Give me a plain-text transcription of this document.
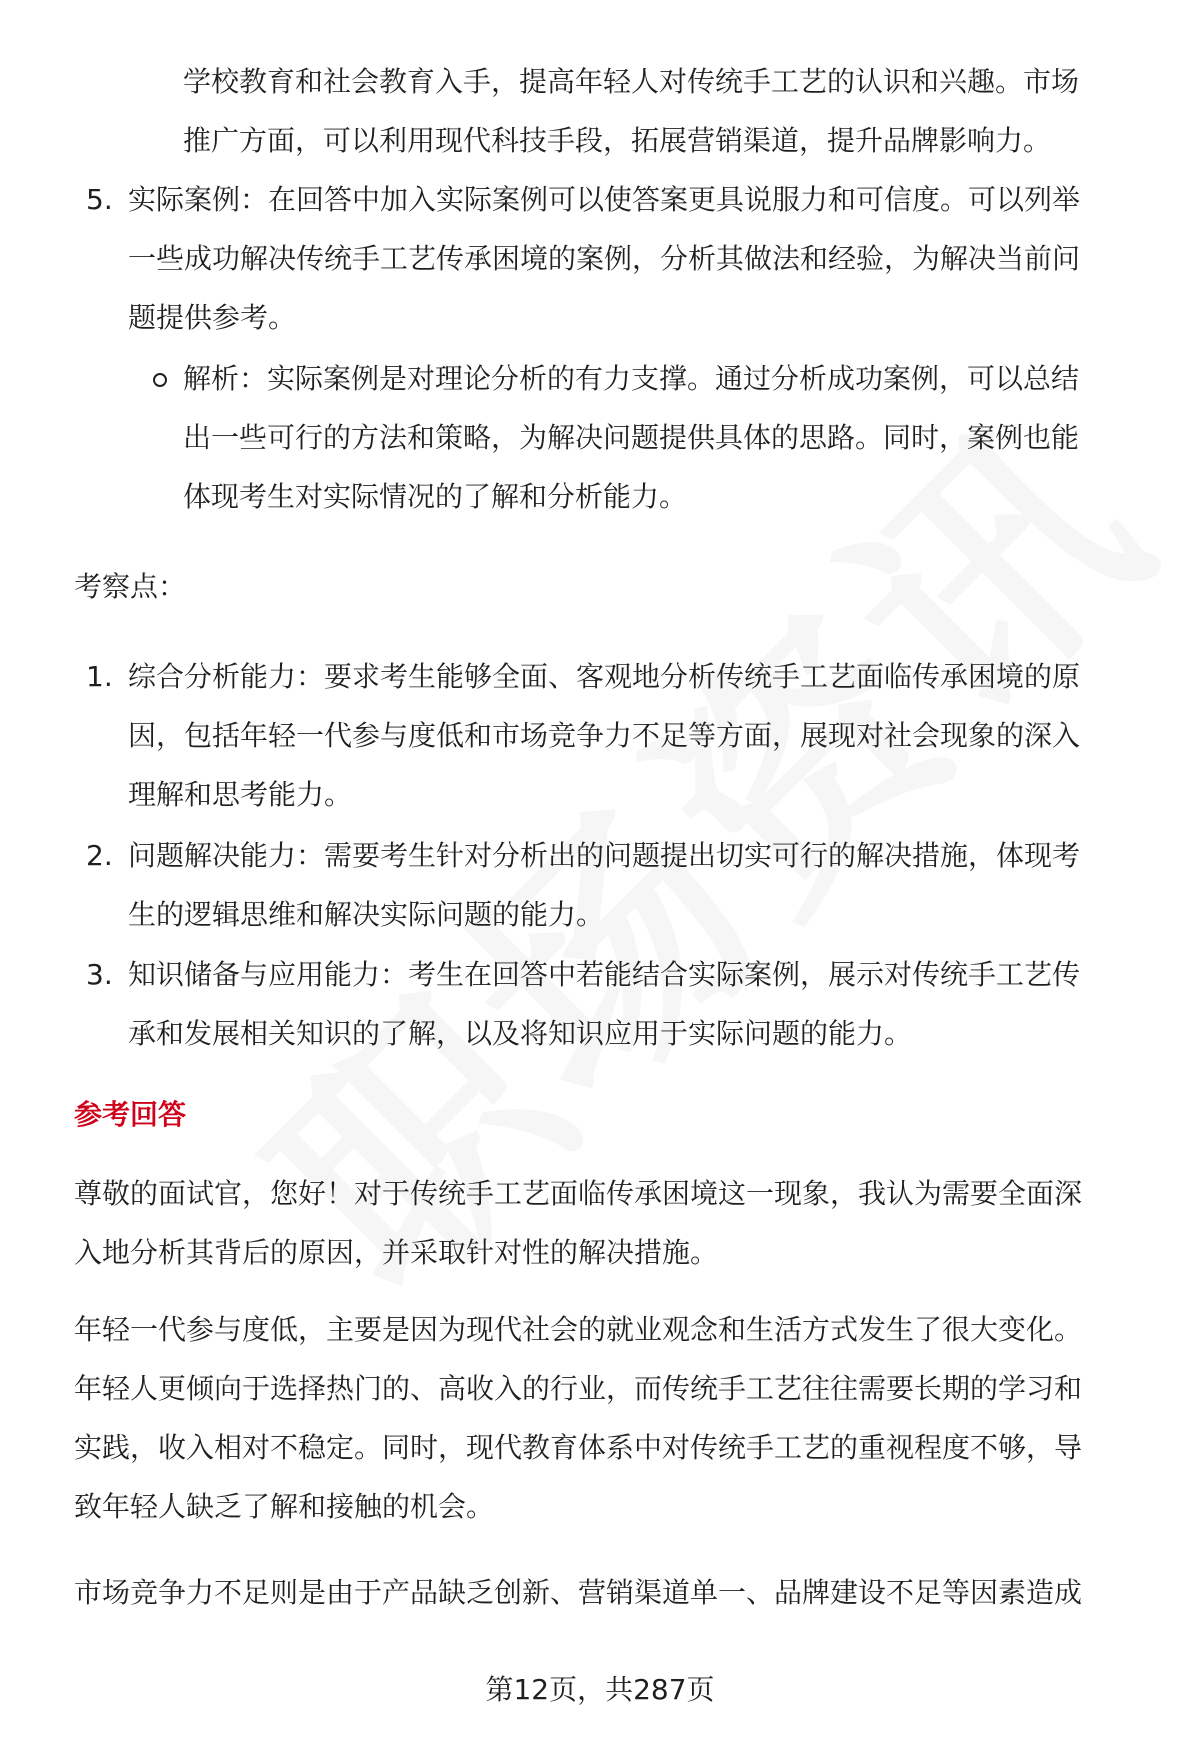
学校教育和社会教育入手，提高年轻人对传统手工艺的认识和兴趣。市场
推广方面，可以利用现代科技手段，拓展营销渠道，提升品牌影响力。
5. 实际案例：在回答中加入实际案例可以使答案更具说服力和可信度。可以列举
一些成功解决传统手工艺传承困境的案例，分析其做法和经验，为解决当前问
题提供参考。
解析：实际案例是对理论分析的有力支撑。通过分析成功案例，可以总结
出一些可行的方法和策略，为解决问题提供具体的思路。同时，案例也能
体现考生对实际情况的了解和分析能力。
考察点：
1. 综合分析能力：要求考生能够全面、客观地分析传统手工艺面临传承困境的原
因，包括年轻一代参与度低和市场竞争力不足等方面，展现对社会现象的深入
理解和思考能力。
2. 问题解决能力：需要考生针对分析出的问题提出切实可行的解决措施，体现考
生的逻辑思维和解决实际问题的能力。
3. 知识储备与应用能力：考生在回答中若能结合实际案例，展示对传统手工艺传
承和发展相关知识的了解，以及将知识应用于实际问题的能力。
参考回答
尊敬的面试官，您好！对于传统手工艺面临传承困境这一现象，我认为需要全面深
入地分析其背后的原因，并采取针对性的解决措施。
年轻一代参与度低，主要是因为现代社会的就业观念和生活方式发生了很大变化。
年轻人更倾向于选择热门的、高收入的行业，而传统手工艺往往需要长期的学习和
实践，收入相对不稳定。同时，现代教育体系中对传统手工艺的重视程度不够，导
致年轻人缺乏了解和接触的机会。
市场竞争力不足则是由于产品缺乏创新、营销渠道单一、品牌建设不足等因素造成
第12页，共287页
